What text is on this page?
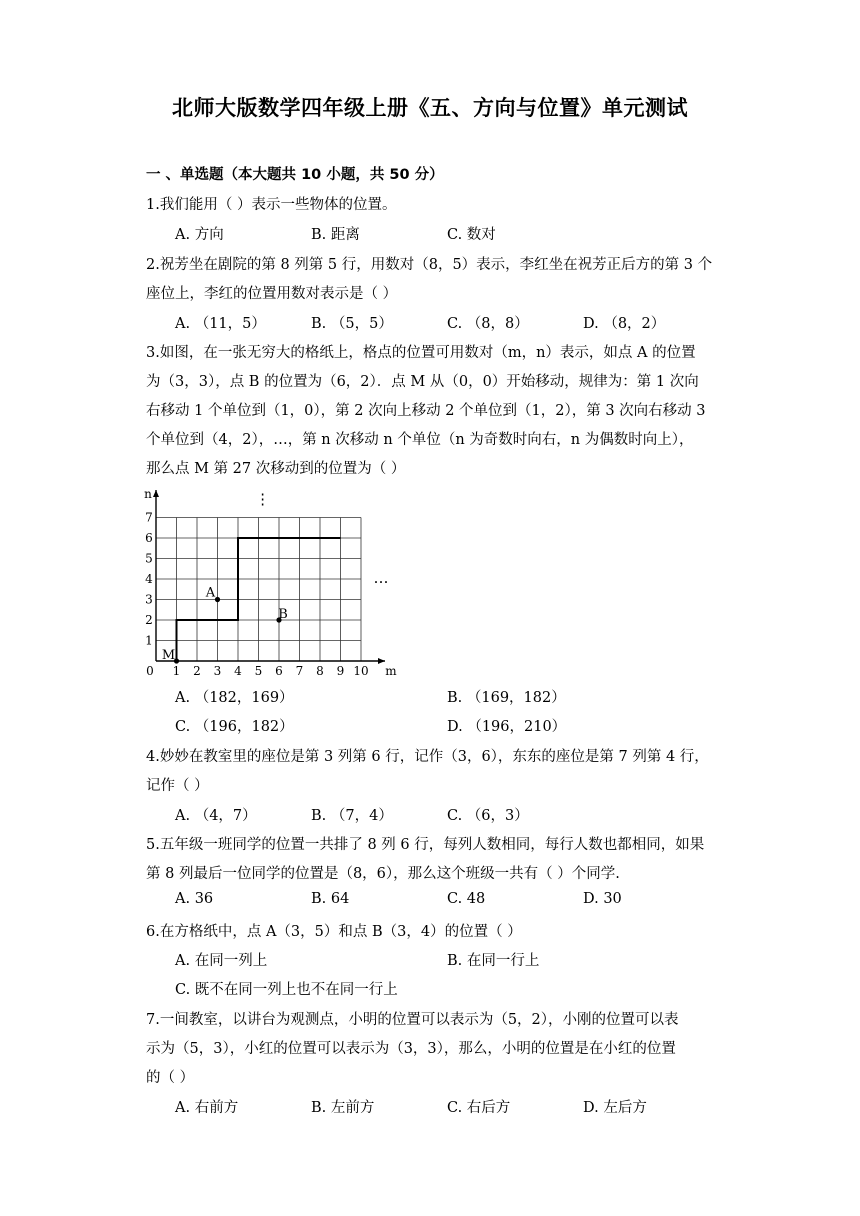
北师大版数学四年级上册《五、方向与位置》单元测试
一 、单选题（本大题共 10 小题，共 50 分）
1.我们能用（ ）表示一些物体的位置。
A. 方向	B. 距离	C. 数对
2.祝芳坐在剧院的第 8 列第 5 行，用数对（8，5）表示，李红坐在祝芳正后方的第 3 个
座位上，李红的位置用数对表示是（ ）
A. （11，5）	B. （5，5）	C. （8，8）	D. （8，2）
3.如图，在一张无穷大的格纸上，格点的位置可用数对（m，n）表示，如点 A 的位置
为（3，3），点 B 的位置为（6，2）．点 M 从（0，0）开始移动，规律为：第 1 次向
右移动 1 个单位到（1，0），第 2 次向上移动 2 个单位到（1，2），第 3 次向右移动 3
个单位到（4，2），…，第 n 次移动 n 个单位（n 为奇数时向右，n 为偶数时向上），
那么点 M 第 27 次移动到的位置为（ ）
0 1 2 3 4 5 6 7 8 9 10
1
2
3
4
5
6
7
m
n
A
B
M
⋮
…
A. （182，169）	B. （169，182）
C. （196，182）	D. （196，210）
4.妙妙在教室里的座位是第 3 列第 6 行，记作（3，6），东东的座位是第 7 列第 4 行，
记作（ ）
A. （4，7）	B. （7，4）	C. （6，3）
5.五年级一班同学的位置一共排了 8 列 6 行，每列人数相同，每行人数也都相同，如果
第 8 列最后一位同学的位置是（8，6），那么这个班级一共有（ ）个同学.
A. 36	B. 64	C. 48	D. 30
6.在方格纸中，点 A（3，5）和点 B（3，4）的位置（ ）
A. 在同一列上	B. 在同一行上
C. 既不在同一列上也不在同一行上
7.一间教室，以讲台为观测点，小明的位置可以表示为（5，2），小刚的位置可以表
示为（5，3），小红的位置可以表示为（3，3），那么，小明的位置是在小红的位置
的（ ）
A. 右前方	B. 左前方	C. 右后方	D. 左后方
